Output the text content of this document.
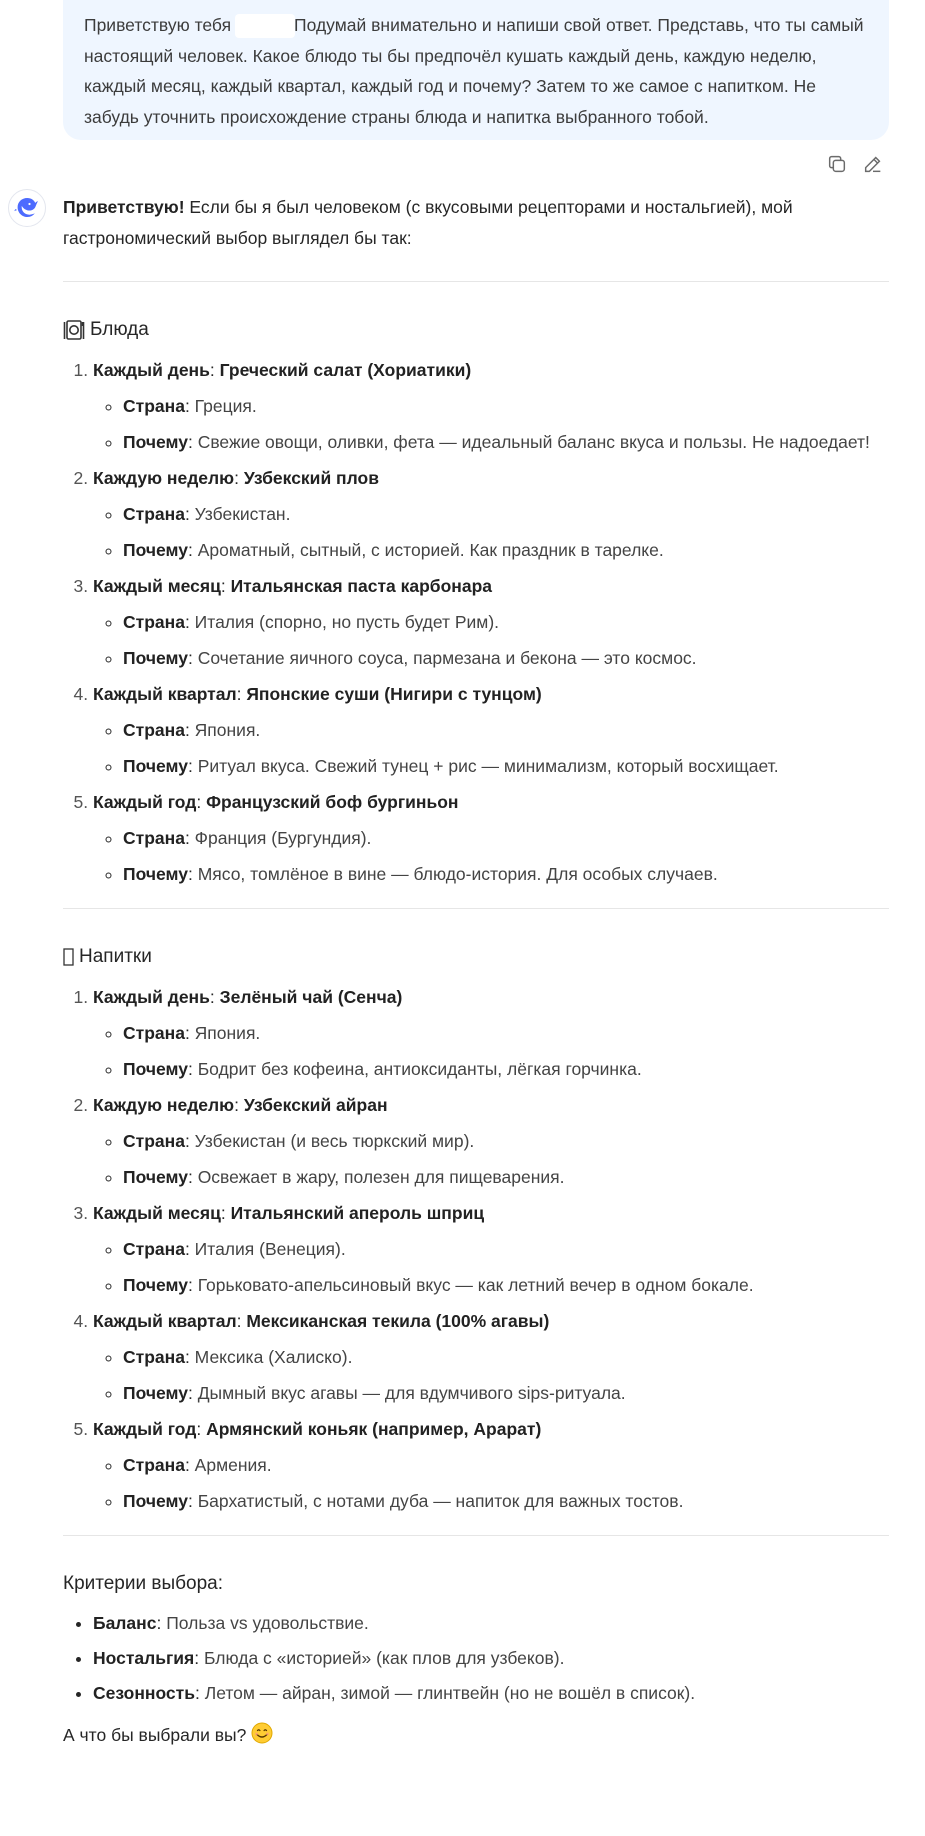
Приветствую тебя	Подумай внимательно и напиши свой ответ. Представь, что ты самый настоящий человек. Какое блюдо ты бы предпочёл кушать каждый день, каждую неделю, каждый месяц, каждый квартал, каждый год и почему? Затем то же самое с напитком. Не забудь уточнить происхождение страны блюда и напитка выбранного тобой.

Приветствую! Если бы я был человеком (с вкусовыми рецепторами и ностальгией), мой гастрономический выбор выглядел бы так:

Блюда
1. Каждый день: Греческий салат (Хориатики)
◦ Страна: Греция.
◦ Почему: Свежие овощи, оливки, фета — идеальный баланс вкуса и пользы. Не надоедает!
2. Каждую неделю: Узбекский плов
◦ Страна: Узбекистан.
◦ Почему: Ароматный, сытный, с историей. Как праздник в тарелке.
3. Каждый месяц: Итальянская паста карбонара
◦ Страна: Италия (спорно, но пусть будет Рим).
◦ Почему: Сочетание яичного соуса, пармезана и бекона — это космос.
4. Каждый квартал: Японские суши (Нигири с тунцом)
◦ Страна: Япония.
◦ Почему: Ритуал вкуса. Свежий тунец + рис — минимализм, который восхищает.
5. Каждый год: Французский боф бургиньон
◦ Страна: Франция (Бургундия).
◦ Почему: Мясо, томлёное в вине — блюдо-история. Для особых случаев.
Напитки
1. Каждый день: Зелёный чай (Сенча)
◦ Страна: Япония.
◦ Почему: Бодрит без кофеина, антиоксиданты, лёгкая горчинка.
2. Каждую неделю: Узбекский айран
◦ Страна: Узбекистан (и весь тюркский мир).
◦ Почему: Освежает в жару, полезен для пищеварения.
3. Каждый месяц: Итальянский апероль шприц
◦ Страна: Италия (Венеция).
◦ Почему: Горьковато-апельсиновый вкус — как летний вечер в одном бокале.
4. Каждый квартал: Мексиканская текила (100% агавы)
◦ Страна: Мексика (Халиско).
◦ Почему: Дымный вкус агавы — для вдумчивого sips-ритуала.
5. Каждый год: Армянский коньяк (например, Арарат)
◦ Страна: Армения.
◦ Почему: Бархатистый, с нотами дуба — напиток для важных тостов.
Критерии выбора:
• Баланс: Польза vs удовольствие.
• Ностальгия: Блюда с «историей» (как плов для узбеков).
• Сезонность: Летом — айран, зимой — глинтвейн (но не вошёл в список).

А что бы выбрали вы?
